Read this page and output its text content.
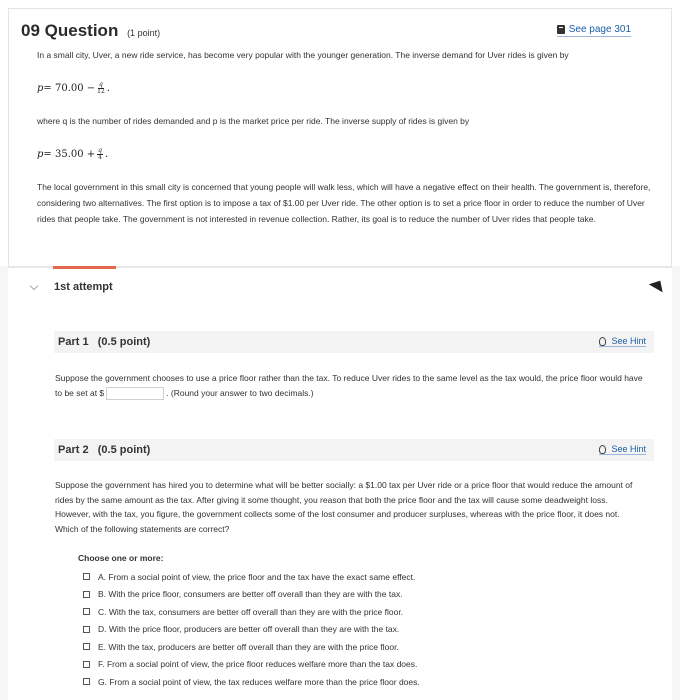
09 Question (1 point)	See page 301
In a small city, Uver, a new ride service, has become very popular with the younger generation. The inverse demand for Uver rides is given by
$p = 70.00 - \frac{q}{12}$ .
where q is the number of rides demanded and p is the market price per ride. The inverse supply of rides is given by
$p = 35.00 + \frac{q}{4}$ .
The local government in this small city is concerned that young people will walk less, which will have a negative effect on their health. The government is, therefore, considering two alternatives. The first option is to impose a tax of $1.00 per Uver ride. The other option is to set a price floor in order to reduce the number of Uver rides that people take. The government is not interested in revenue collection. Rather, its goal is to reduce the number of Uver rides that people take.
1st attempt
Part 1 (0.5 point)	See Hint
Suppose the government chooses to use a price floor rather than the tax. To reduce Uver rides to the same level as the tax would, the price floor would have to be set at $	. (Round your answer to two decimals.)
Part 2 (0.5 point)	See Hint
Suppose the government has hired you to determine what will be better socially: a $1.00 tax per Uver ride or a price floor that would reduce the amount of rides by the same amount as the tax. After giving it some thought, you reason that both the price floor and the tax will cause some deadweight loss. However, with the tax, you figure, the government collects some of the lost consumer and producer surpluses, whereas with the price floor, it does not. Which of the following statements are correct?
Choose one or more:
A. From a social point of view, the price floor and the tax have the exact same effect.
B. With the price floor, consumers are better off overall than they are with the tax.
C. With the tax, consumers are better off overall than they are with the price floor.
D. With the price floor, producers are better off overall than they are with the tax.
E. With the tax, producers are better off overall than they are with the price floor.
F. From a social point of view, the price floor reduces welfare more than the tax does.
G. From a social point of view, the tax reduces welfare more than the price floor does.
